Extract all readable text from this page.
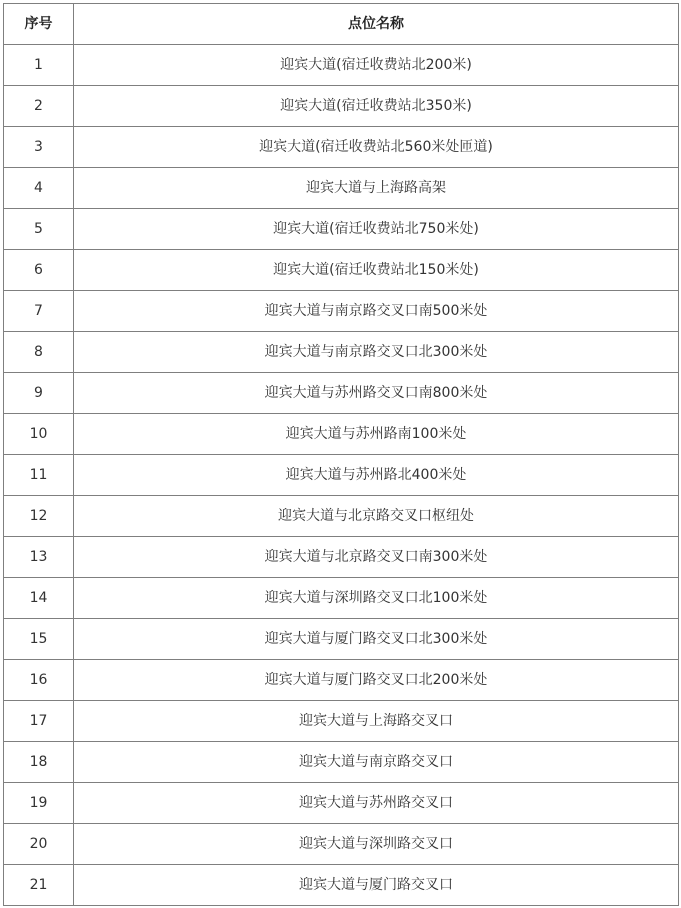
序号	点位名称
1	迎宾大道(宿迁收费站北200米)
2	迎宾大道(宿迁收费站北350米)
3	迎宾大道(宿迁收费站北560米处匝道)
4	迎宾大道与上海路高架
5	迎宾大道(宿迁收费站北750米处)
6	迎宾大道(宿迁收费站北150米处)
7	迎宾大道与南京路交叉口南500米处
8	迎宾大道与南京路交叉口北300米处
9	迎宾大道与苏州路交叉口南800米处
10	迎宾大道与苏州路南100米处
11	迎宾大道与苏州路北400米处
12	迎宾大道与北京路交叉口枢纽处
13	迎宾大道与北京路交叉口南300米处
14	迎宾大道与深圳路交叉口北100米处
15	迎宾大道与厦门路交叉口北300米处
16	迎宾大道与厦门路交叉口北200米处
17	迎宾大道与上海路交叉口
18	迎宾大道与南京路交叉口
19	迎宾大道与苏州路交叉口
20	迎宾大道与深圳路交叉口
21	迎宾大道与厦门路交叉口
